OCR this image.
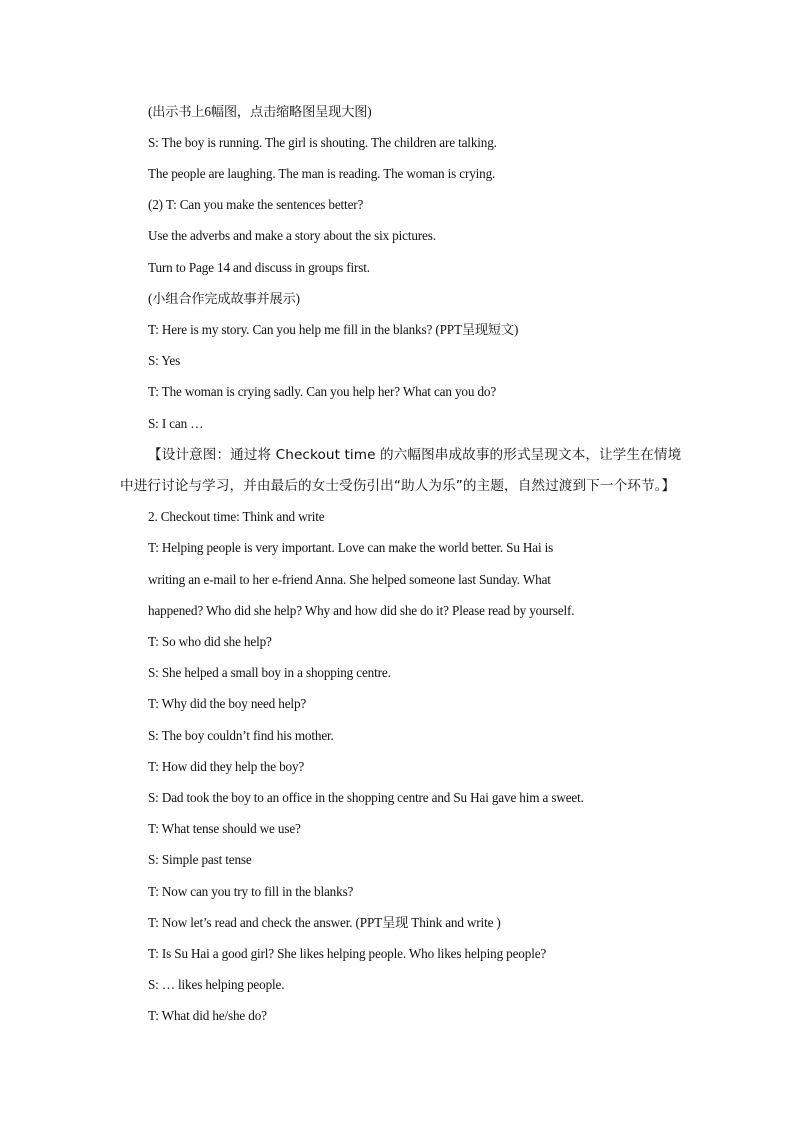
(出示书上6幅图，点击缩略图呈现大图)
S: The boy is running. The girl is shouting. The children are talking.
The people are laughing. The man is reading. The woman is crying.
(2) T: Can you make the sentences better?
Use the adverbs and make a story about the six pictures.
Turn to Page 14 and discuss in groups first.
(小组合作完成故事并展示)
T: Here is my story. Can you help me fill in the blanks? (PPT呈现短文)
S: Yes
T: The woman is crying sadly. Can you help her? What can you do?
S: I can …
【设计意图：通过将 Checkout time 的六幅图串成故事的形式呈现文本，让学生在情境
中进行讨论与学习，并由最后的女士受伤引出“助人为乐”的主题，自然过渡到下一个环节。】
2. Checkout time: Think and write
T: Helping people is very important. Love can make the world better. Su Hai is
writing an e-mail to her e-friend Anna. She helped someone last Sunday. What
happened? Who did she help? Why and how did she do it? Please read by yourself.
T: So who did she help?
S: She helped a small boy in a shopping centre.
T: Why did the boy need help?
S: The boy couldn’t find his mother.
T: How did they help the boy?
S: Dad took the boy to an office in the shopping centre and Su Hai gave him a sweet.
T: What tense should we use?
S: Simple past tense
T: Now can you try to fill in the blanks?
T: Now let’s read and check the answer. (PPT呈现 Think and write )
T: Is Su Hai a good girl? She likes helping people. Who likes helping people?
S: … likes helping people.
T: What did he/she do?
